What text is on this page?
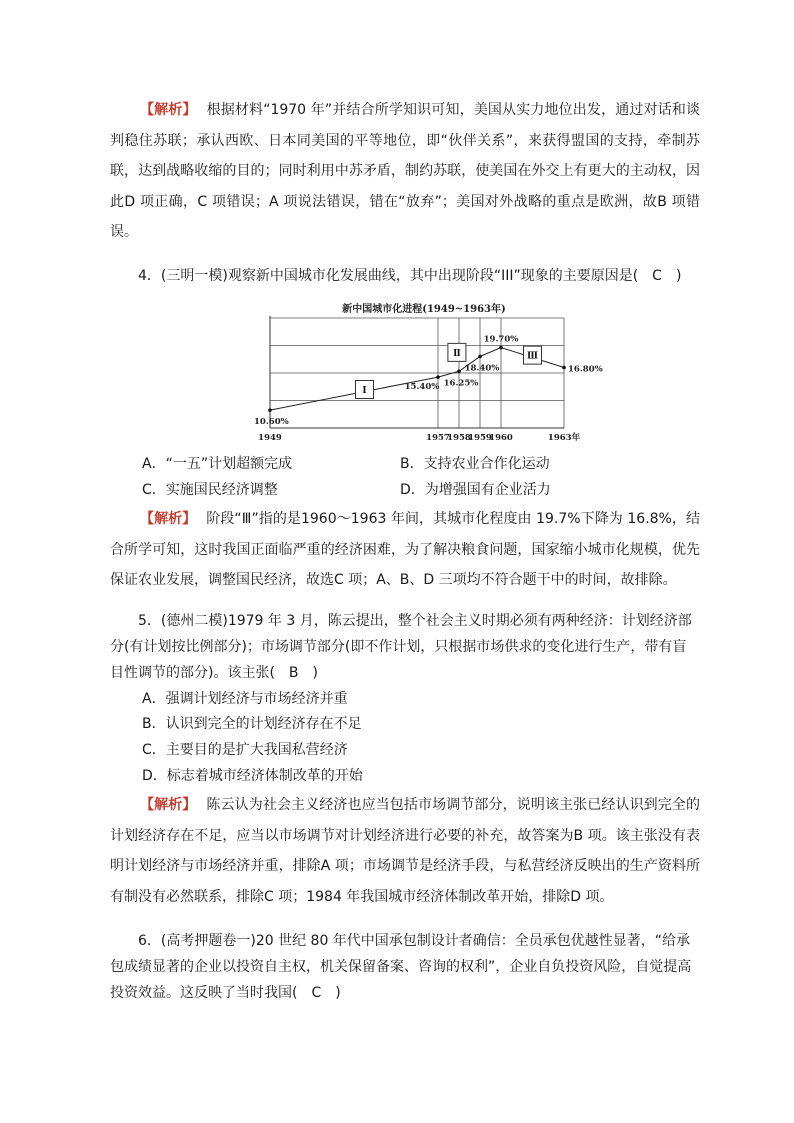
【解析】 根据材料“1970 年”并结合所学知识可知，美国从实力地位出发，通过对话和谈判稳住苏联；承认西欧、日本同美国的平等地位，即“伙伴关系”，来获得盟国的支持，牵制苏联，达到战略收缩的目的；同时利用中苏矛盾，制约苏联，使美国在外交上有更大的主动权，因此D 项正确，C 项错误；A 项说法错误，错在“放弃”；美国对外战略的重点是欧洲，故B 项错误。
4．(三明一模)观察新中国城市化发展曲线，其中出现阶段“III”现象的主要原因是(　C　)
新中国城市化进程(1949~1963年)
10.60%
15.40% 16.25%
18.40%
19.70%
16.80%
1949	1957
1958
1959
1960	1963年
Ⅰ
Ⅱ	Ⅲ
A．“一五”计划超额完成	B．支持农业合作化运动
C．实施国民经济调整	D．为增强国有企业活力
【解析】 阶段“Ⅲ”指的是1960～1963 年间，其城市化程度由 19.7%下降为 16.8%，结合所学可知，这时我国正面临严重的经济困难，为了解决粮食问题，国家缩小城市化规模，优先保证农业发展，调整国民经济，故选C 项；A、B、D 三项均不符合题干中的时间，故排除。
5．(德州二模)1979 年 3 月，陈云提出，整个社会主义时期必须有两种经济：计划经济部分(有计划按比例部分)；市场调节部分(即不作计划，只根据市场供求的变化进行生产，带有盲目性调节的部分)。该主张(　B　)
A．强调计划经济与市场经济并重
B．认识到完全的计划经济存在不足
C．主要目的是扩大我国私营经济
D．标志着城市经济体制改革的开始
【解析】 陈云认为社会主义经济也应当包括市场调节部分，说明该主张已经认识到完全的计划经济存在不足，应当以市场调节对计划经济进行必要的补充，故答案为B 项。该主张没有表明计划经济与市场经济并重，排除A 项；市场调节是经济手段，与私营经济反映出的生产资料所有制没有必然联系，排除C 项；1984 年我国城市经济体制改革开始，排除D 项。
6．(高考押题卷一)20 世纪 80 年代中国承包制设计者确信：全员承包优越性显著，“给承包成绩显著的企业以投资自主权，机关保留备案、咨询的权利”，企业自负投资风险，自觉提高投资效益。这反映了当时我国(　C　)
